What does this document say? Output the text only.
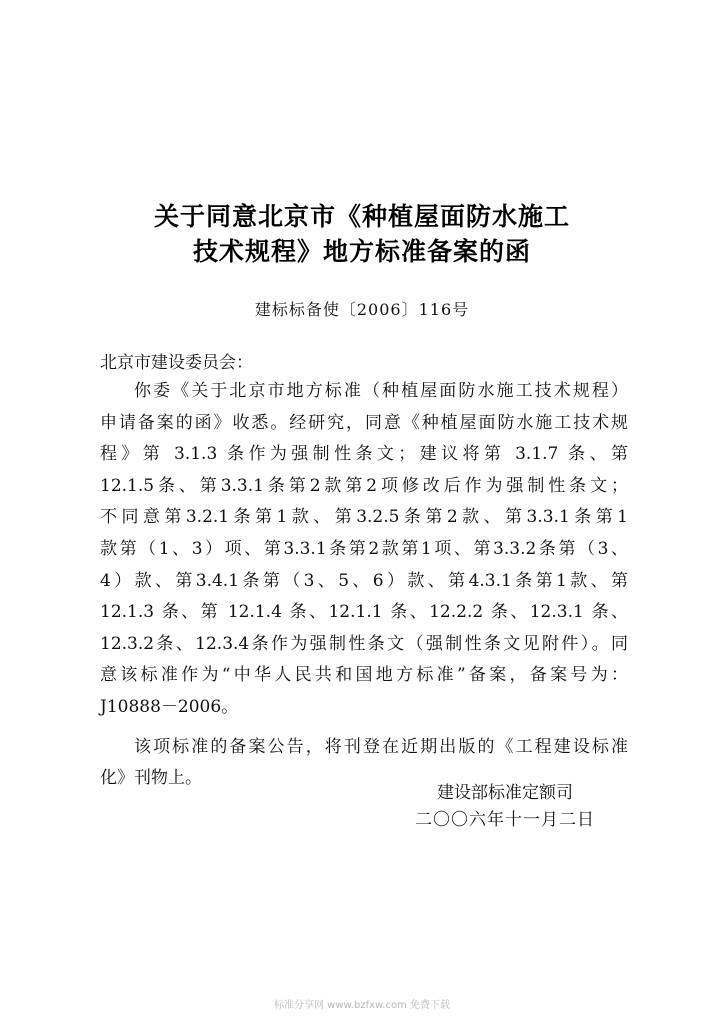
关于同意北京市《种植屋面防水施工
技术规程》地方标准备案的函
建标标备使〔2006〕116号
北京市建设委员会：
你委《关于北京市地方标准（种植屋面防水施工技术规程）
申请备案的函》收悉。经研究，同意《种植屋面防水施工技术规
程》第 3.1.3 条作为强制性条文；建议将第 3.1.7 条、第
12.1.5条、第3.3.1条第2款第2项修改后作为强制性条文；
不同意第3.2.1条第1款、第3.2.5条第2款、第3.3.1条第1
款第（1、3）项、第3.3.1条第2款第1项、第3.3.2条第（3、
4）款、第3.4.1条第（3、5、6）款、第4.3.1条第1款、第
12.1.3 条、第 12.1.4 条、12.1.1 条、12.2.2 条、12.3.1 条、
12.3.2条、12.3.4条作为强制性条文（强制性条文见附件）。同
意该标准作为“中华人民共和国地方标准”备案，备案号为：
J10888－2006。
该项标准的备案公告，将刊登在近期出版的《工程建设标准
化》刊物上。
建设部标准定额司
二〇〇六年十一月二日
标准分享网 www.bzfxw.com 免费下载
